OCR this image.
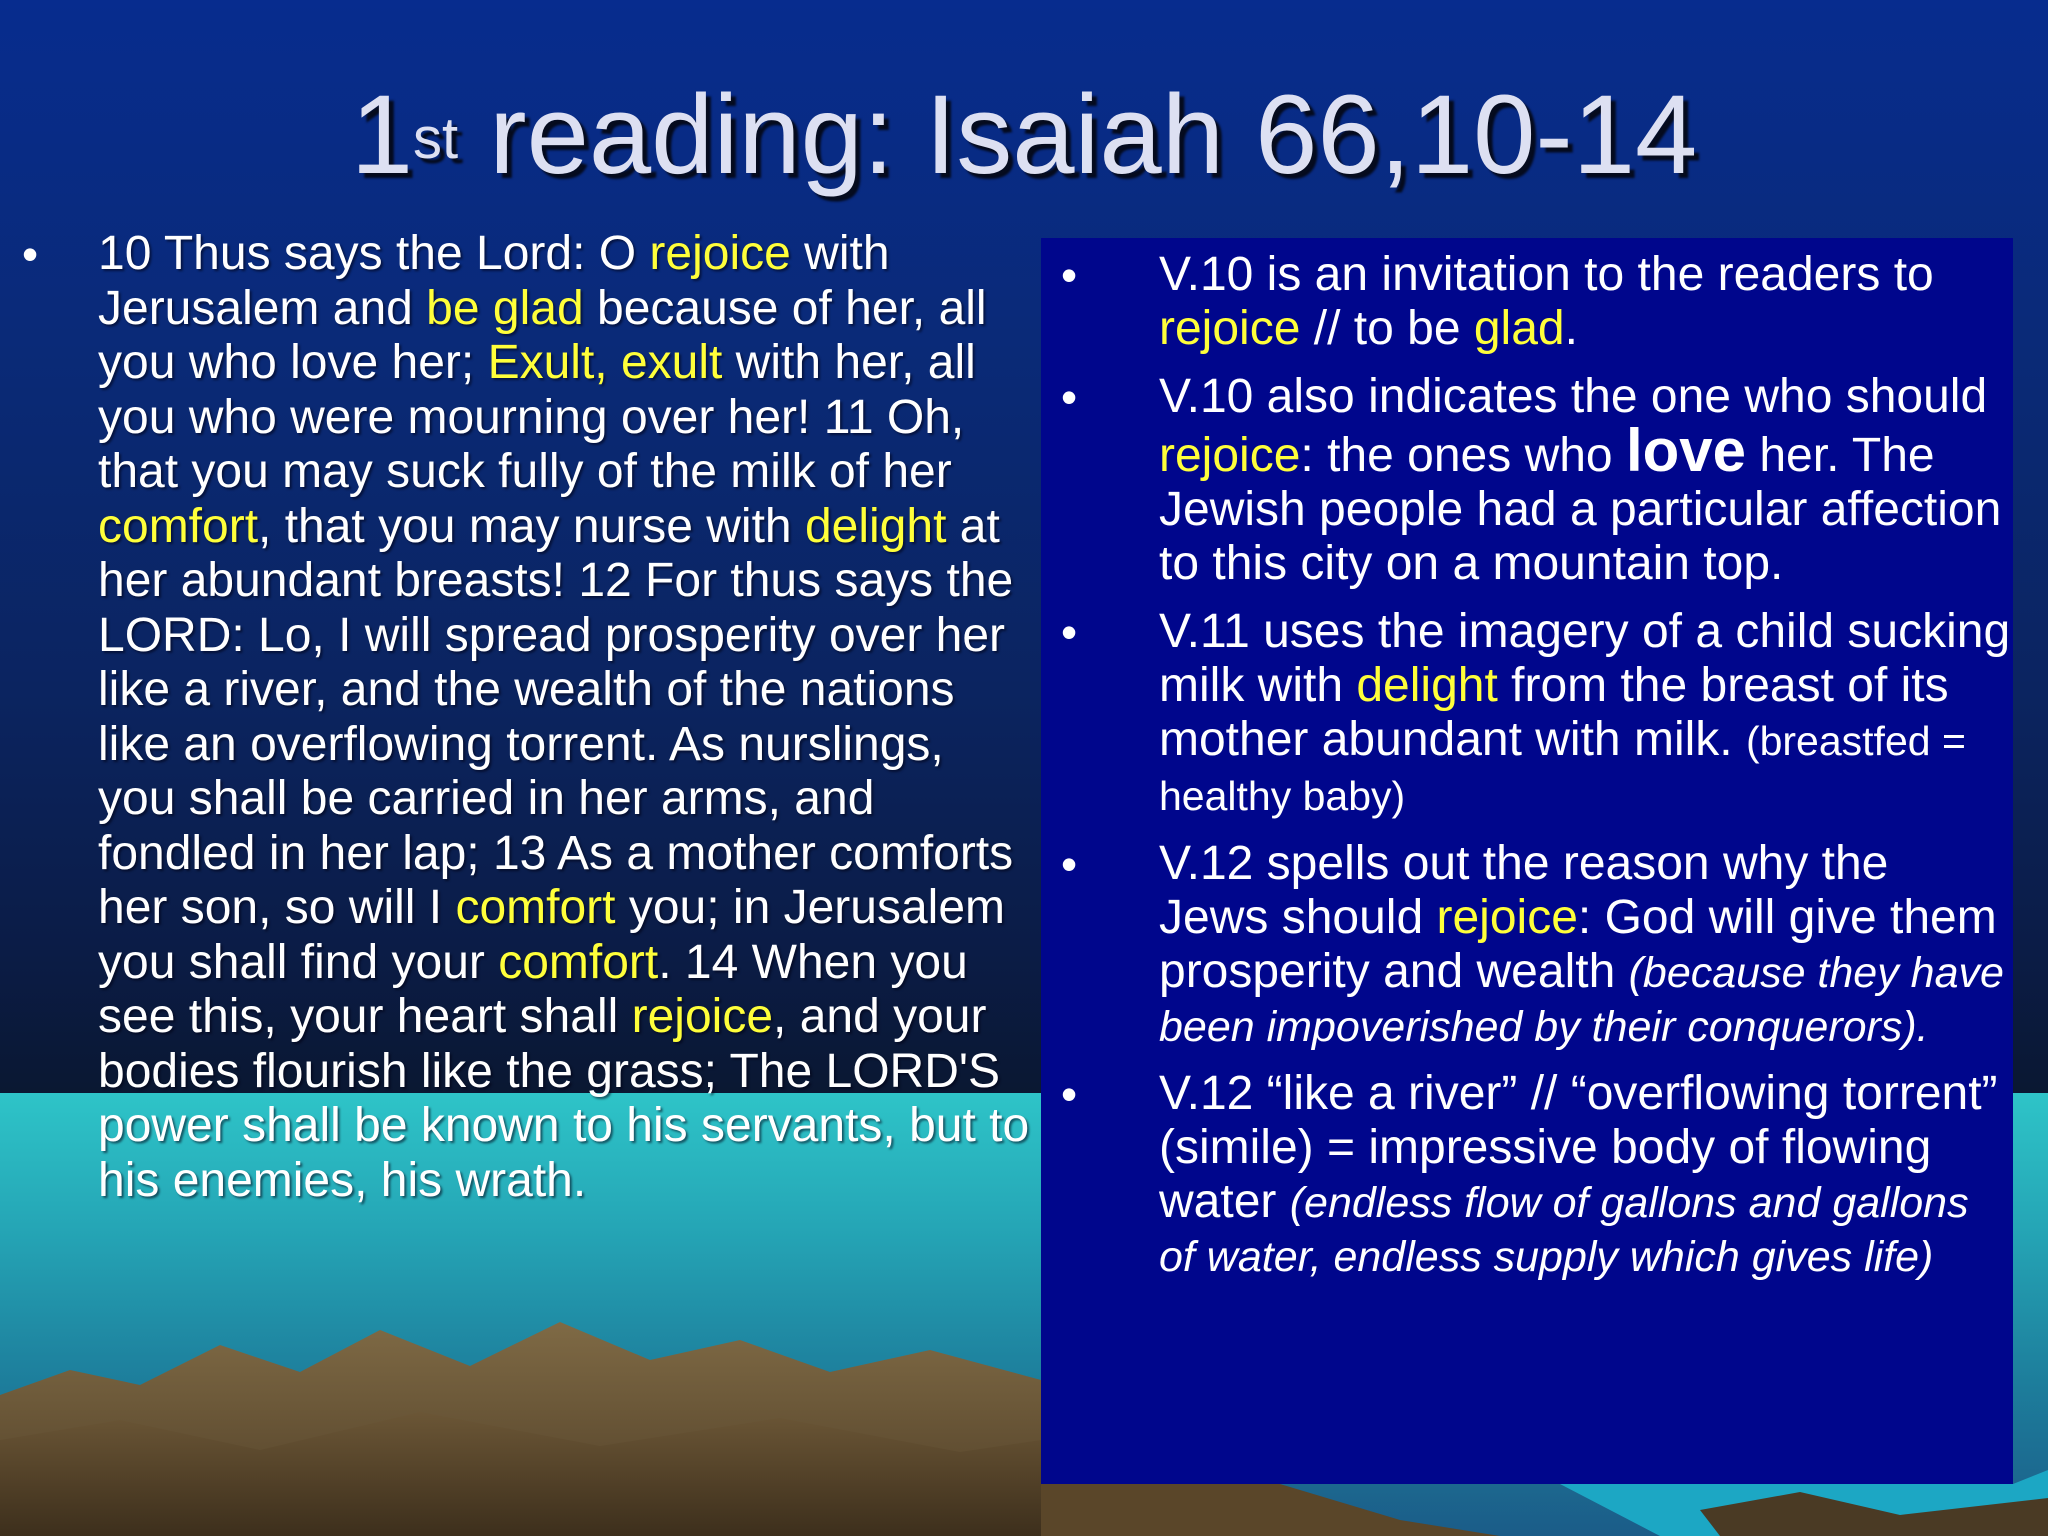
1st reading: Isaiah 66,10-14
• 10 Thus says the Lord: O rejoice with Jerusalem and be glad because of her, all you who love her; Exult, exult with her, all you who were mourning over her! 11 Oh, that you may suck fully of the milk of her comfort, that you may nurse with delight at her abundant breasts! 12 For thus says the LORD: Lo, I will spread prosperity over her like a river, and the wealth of the nations like an overflowing torrent. As nurslings, you shall be carried in her arms, and fondled in her lap; 13 As a mother comforts her son, so will I comfort you; in Jerusalem you shall find your comfort. 14 When you see this, your heart shall rejoice, and your bodies flourish like the grass; The LORD'S power shall be known to his servants, but to his enemies, his wrath.
• V.10 is an invitation to the readers to rejoice // to be glad.
• V.10 also indicates the one who should rejoice: the ones who love her. The Jewish people had a particular affection to this city on a mountain top.
• V.11 uses the imagery of a child sucking milk with delight from the breast of its mother abundant with milk. (breastfed = healthy baby)
• V.12 spells out the reason why the Jews should rejoice: God will give them prosperity and wealth (because they have been impoverished by their conquerors).
• V.12 “like a river” // “overflowing torrent” (simile) = impressive body of flowing water (endless flow of gallons and gallons of water, endless supply which gives life)
